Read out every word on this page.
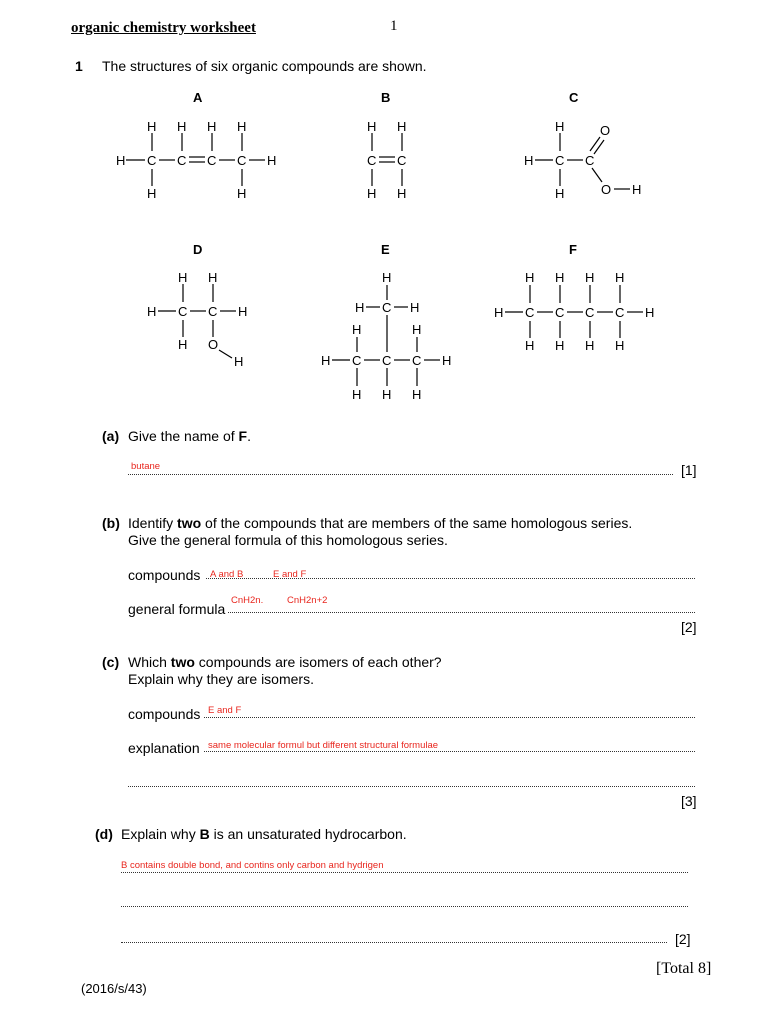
organic chemistry worksheet	1
1 The structures of six organic compounds are shown.
A	B	C
D	E	F
H C C C C H
H H H H
H	H
C C
H H
H H
H C C
H
H
O
O H
H C C H
H H
H O
H
H
H C H
H	H
H C C C H
H H H
H C C C C H
H H H H
H H H H
(a) Give the name of F.
butane	[1]
(b) Identify two of the compounds that are members of the same homologous series.
Give the general formula of this homologous series.
compounds A and B	E and F
general formula
CnH2n.	CnH2n+2
[2]
(c) Which two compounds are isomers of each other?
Explain why they are isomers.
compounds E and F
explanation same molecular formul but different structural formulae
[3]
(d) Explain why B is an unsaturated hydrocarbon.
B contains double bond, and contins only carbon and hydrigen
[2]
[Total 8]
(2016/s/43)
